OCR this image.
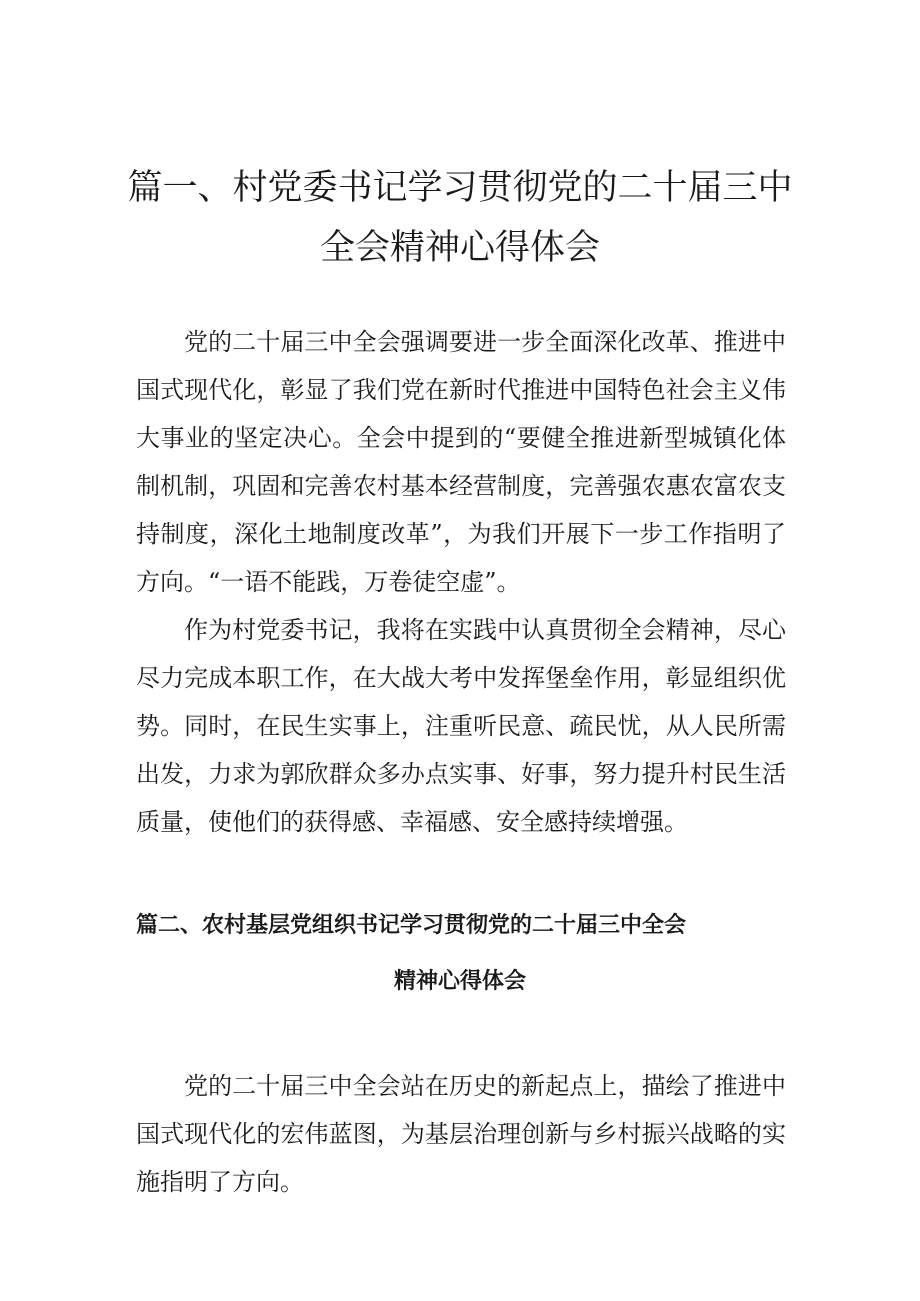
篇一、村党委书记学习贯彻党的二十届三中
全会精神心得体会

党的二十届三中全会强调要进一步全面深化改革、推进中国式现代化，彰显了我们党在新时代推进中国特色社会主义伟大事业的坚定决心。全会中提到的“要健全推进新型城镇化体制机制，巩固和完善农村基本经营制度，完善强农惠农富农支持制度，深化土地制度改革”，为我们开展下一步工作指明了方向。“一语不能践，万卷徒空虚”。

作为村党委书记，我将在实践中认真贯彻全会精神，尽心尽力完成本职工作，在大战大考中发挥堡垒作用，彰显组织优势。同时，在民生实事上，注重听民意、疏民忧，从人民所需出发，力求为郭欣群众多办点实事、好事，努力提升村民生活质量，使他们的获得感、幸福感、安全感持续增强。

篇二、农村基层党组织书记学习贯彻党的二十届三中全会
精神心得体会

党的二十届三中全会站在历史的新起点上，描绘了推进中国式现代化的宏伟蓝图，为基层治理创新与乡村振兴战略的实施指明了方向。
